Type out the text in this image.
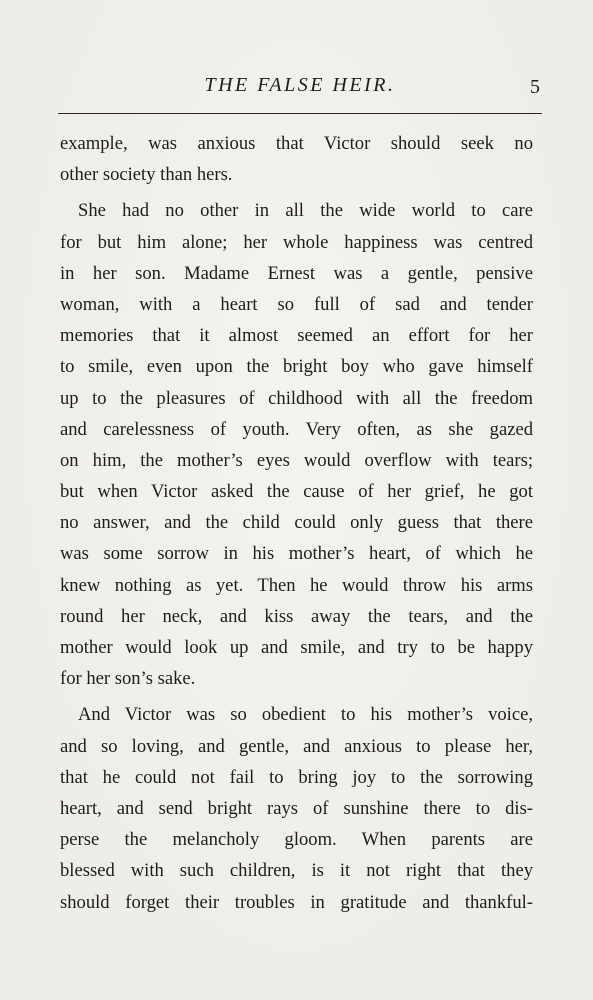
THE FALSE HEIR.	5
example, was anxious that Victor should seek no
other society than hers.
She had no other in all the wide world to care
for but him alone; her whole happiness was centred
in her son. Madame Ernest was a gentle, pensive
woman, with a heart so full of sad and tender
memories that it almost seemed an effort for her
to smile, even upon the bright boy who gave himself
up to the pleasures of childhood with all the freedom
and carelessness of youth. Very often, as she gazed
on him, the mother’s eyes would overflow with tears;
but when Victor asked the cause of her grief, he got
no answer, and the child could only guess that there
was some sorrow in his mother’s heart, of which he
knew nothing as yet. Then he would throw his arms
round her neck, and kiss away the tears, and the
mother would look up and smile, and try to be happy
for her son’s sake.
And Victor was so obedient to his mother’s voice,
and so loving, and gentle, and anxious to please her,
that he could not fail to bring joy to the sorrowing
heart, and send bright rays of sunshine there to dis-
perse the melancholy gloom. When parents are
blessed with such children, is it not right that they
should forget their troubles in gratitude and thankful-
